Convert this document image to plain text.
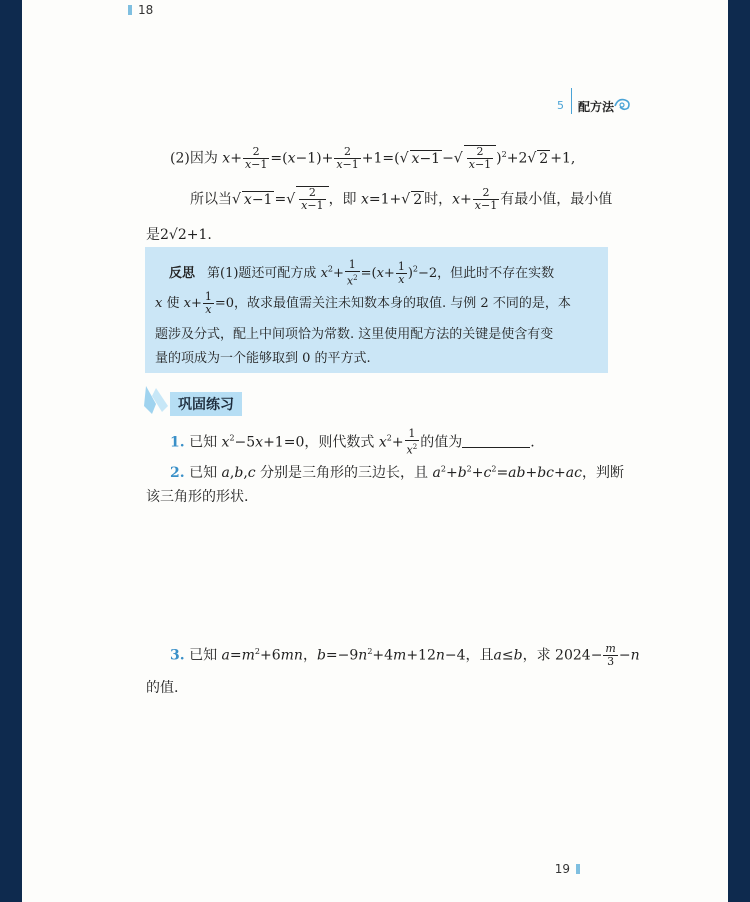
18
5 配方法
(2)因为 $x+ \frac{2}{x-1} =(x-1)+ \frac{2}{x-1} +1=(√$ x−1 −√ $\frac{2}{x-1} )^2+2√$ 2 +1,
所以当√ x−1 =√ $\frac{2}{x-1}$ ，即 x=1+√ 2 时，$x+ \frac{2}{x-1}$ 有最小值，最小值
是2√2+1.
反思 第(1)题还可配方成 $x^2+ \frac{1}{x^2} =(x+ \frac{1}{x} )^2-2$，但此时不存在实数
x 使 $x+ \frac{1}{x} =0$，故求最值需关注未知数本身的取值. 与例 2 不同的是，本
题涉及分式，配上中间项恰为常数. 这里使用配方法的关键是使含有变
量的项成为一个能够取到 0 的平方式.
巩固练习
1. 已知 $x^2-5x+1=0$，则代数式 $x^2+ \frac{1}{x^2}$ 的值为	.
2. 已知 a,b,c 分别是三角形的三边长，且 $a^2+b^2+c^2=ab+bc+ac$，判断
该三角形的形状.
3. 已知 $a=m^2+6mn$，$b=-9n^2+4m+12n-4$，且a≤b，求 $2024- \frac{m}{3} -n$
的值.
19
